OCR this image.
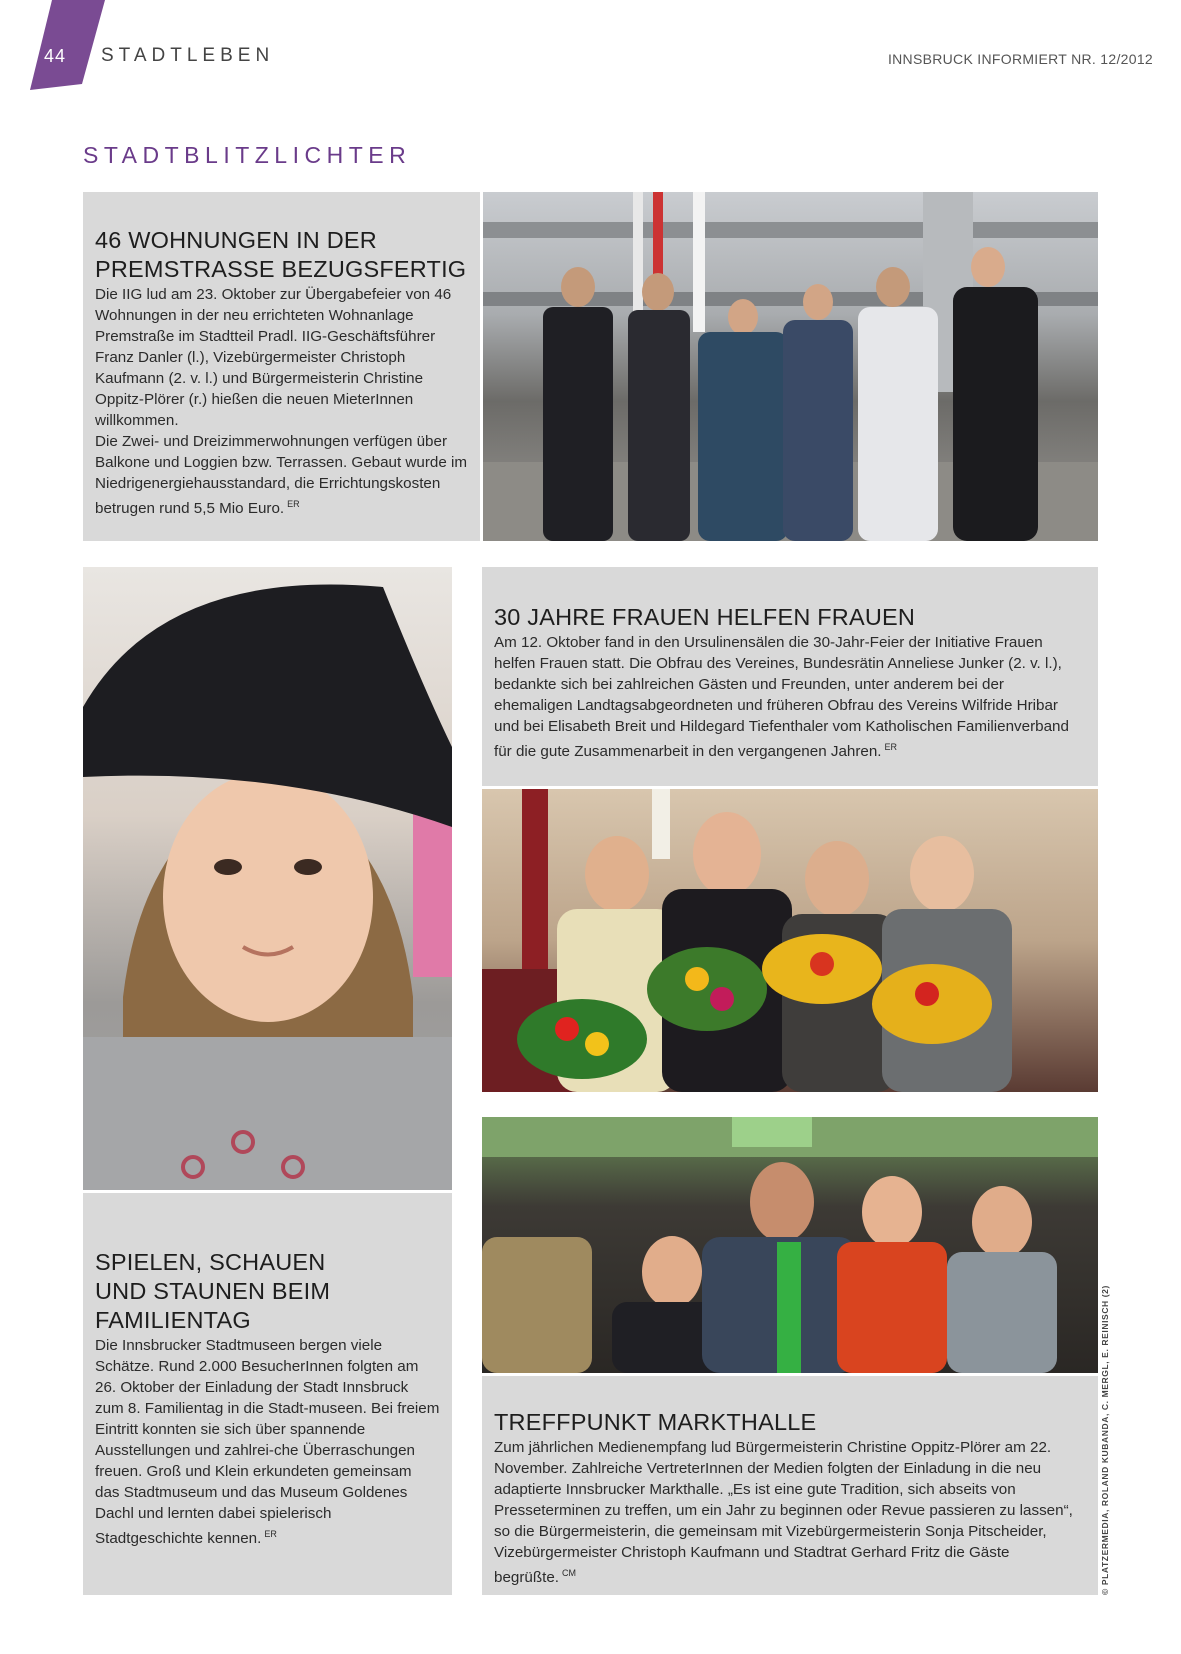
44 STADTLEBEN	INNSBRUCK INFORMIERT NR. 12/2012
STADTBLITZLICHTER
46 WOHNUNGEN IN DER
PREMSTRASSE BEZUGSFERTIG

Die IIG lud am 23. Oktober zur Übergabefeier von 46 Wohnungen in der neu errichteten Wohnanlage Premstraße im Stadtteil Pradl. IIG-Geschäftsführer Franz Danler (l.), Vizebürgermeister Christoph Kaufmann (2. v. l.) und Bürgermeisterin Christine Oppitz-Plörer (r.) hießen die neuen MieterInnen willkommen.

Die Zwei- und Dreizimmerwohnungen verfügen über Balkone und Loggien bzw. Terrassen. Gebaut wurde im Niedrigenergiehausstandard, die Errichtungskosten betrugen rund 5,5 Mio Euro. $^{ER}$

30 JAHRE FRAUEN HELFEN FRAUEN

Am 12. Oktober fand in den Ursulinensälen die 30-Jahr-Feier der Initiative Frauen helfen Frauen statt. Die Obfrau des Vereines, Bundesrätin Anneliese Junker (2. v. l.), bedankte sich bei zahlreichen Gästen und Freunden, unter anderem bei der ehemaligen Landtagsabgeordneten und früheren Obfrau des Vereins Wilfride Hribar und bei Elisabeth Breit und Hildegard Tiefenthaler vom Katholischen Familienverband für die gute Zusammenarbeit in den vergangenen Jahren. $^{ER}$

SPIELEN, SCHAUEN
UND STAUNEN BEIM
FAMILIENTAG

Die Innsbrucker Stadtmuseen bergen viele Schätze. Rund 2.000 BesucherInnen folgten am 26. Oktober der Einladung der Stadt Innsbruck zum 8. Familientag in die Stadt-museen. Bei freiem Eintritt konnten sie sich über spannende Ausstellungen und zahlrei-che Überraschungen freuen. Groß und Klein erkundeten gemeinsam das Stadtmuseum und das Museum Goldenes Dachl und lernten dabei spielerisch Stadtgeschichte kennen. $^{ER}$

TREFFPUNKT MARKTHALLE

Zum jährlichen Medienempfang lud Bürgermeisterin Christine Oppitz-Plörer am 22. November. Zahlreiche VertreterInnen der Medien folgten der Einladung in die neu adaptierte Innsbrucker Markthalle. „Es ist eine gute Tradition, sich abseits von Presseterminen zu treffen, um ein Jahr zu beginnen oder Revue passieren zu lassen“, so die Bürgermeisterin, die gemeinsam mit Vizebürgermeisterin Sonja Pitscheider, Vizebürgermeister Christoph Kaufmann und Stadtrat Gerhard Fritz die Gäste begrüßte. $^{CM}$	© PLATZERMEDIA, ROLAND KUBANDA, C. MERGL, E. REINISCH (2)
